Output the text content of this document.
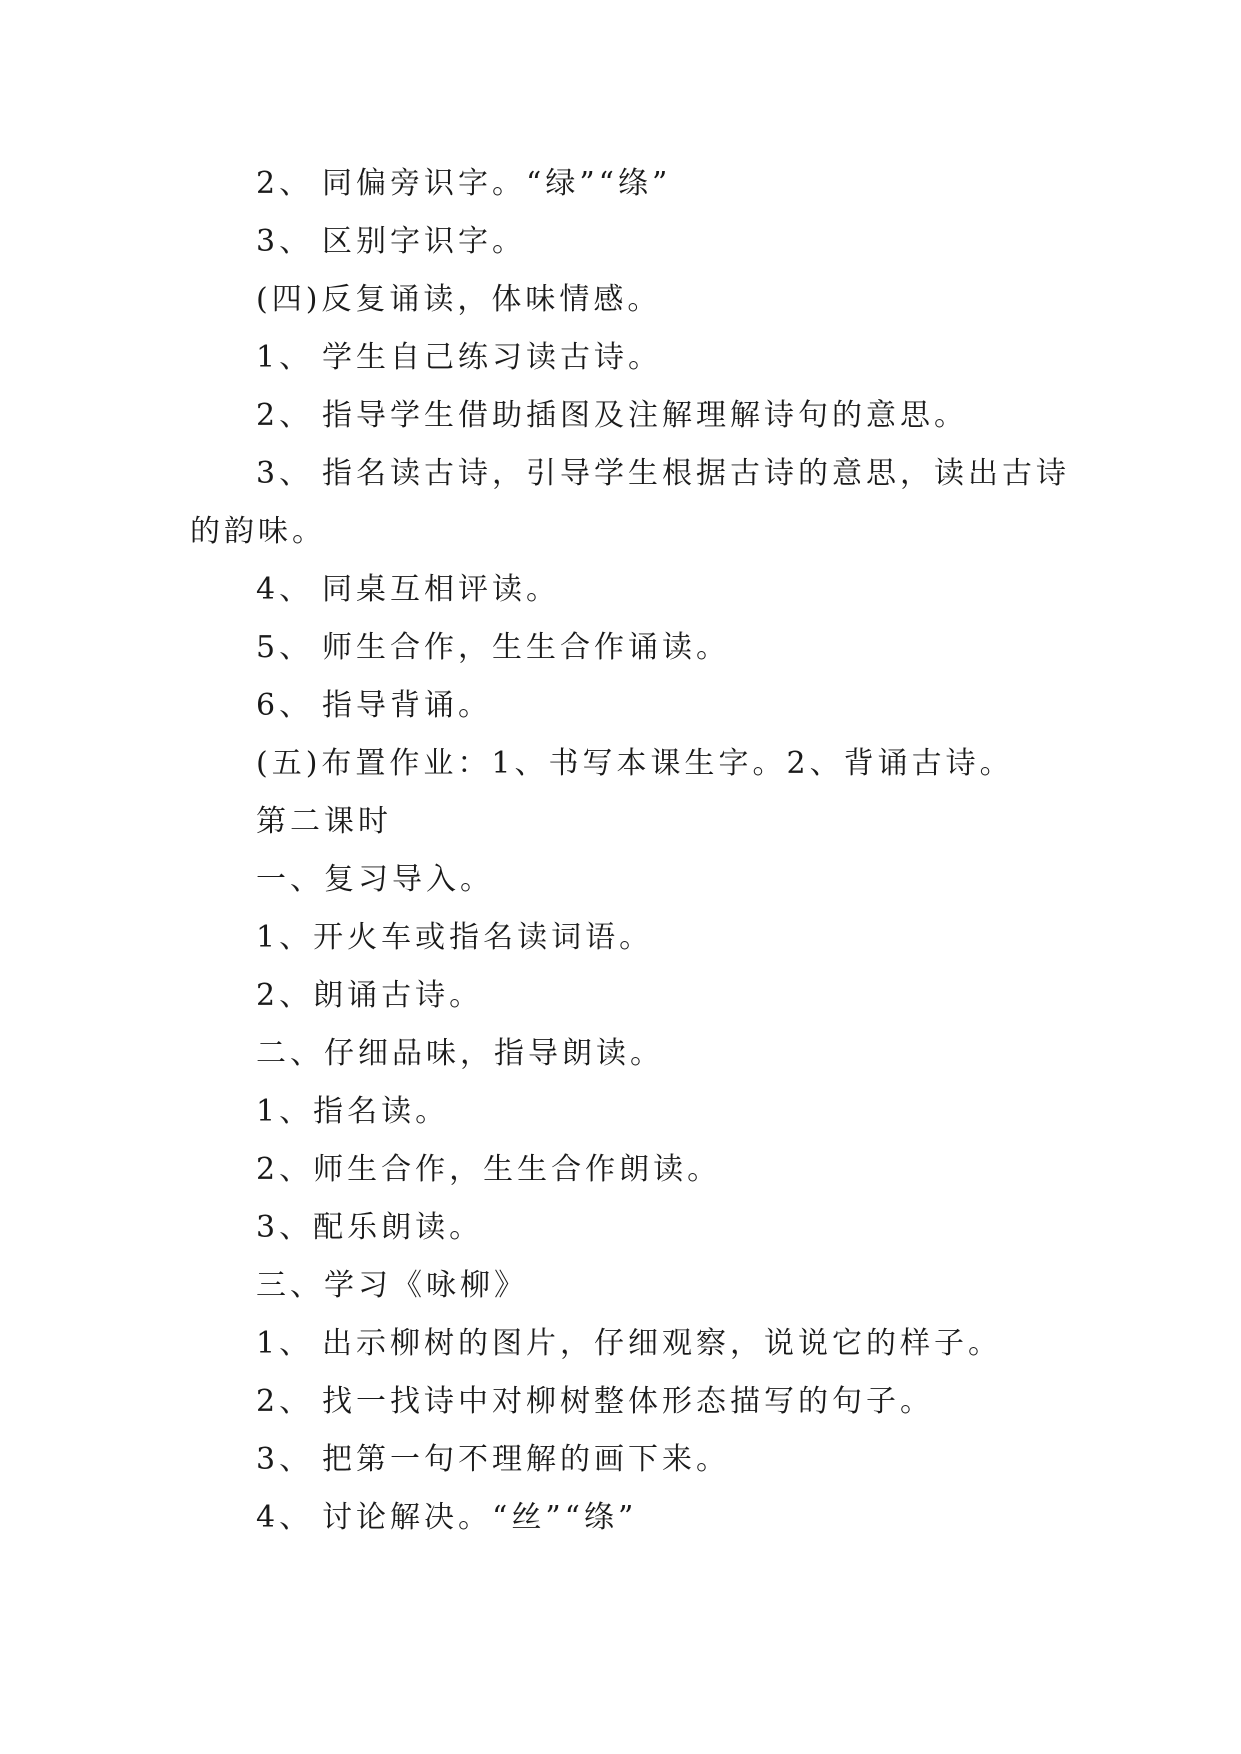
2、 同偏旁识字。“绿”“绦”
3、 区别字识字。
(四)反复诵读，体味情感。
1、 学生自己练习读古诗。
2、 指导学生借助插图及注解理解诗句的意思。
3、 指名读古诗，引导学生根据古诗的意思，读出古诗
的韵味。
4、 同桌互相评读。
5、 师生合作，生生合作诵读。
6、 指导背诵。
(五)布置作业：1、书写本课生字。2、背诵古诗。
第二课时
一、复习导入。
1、开火车或指名读词语。
2、朗诵古诗。
二、仔细品味，指导朗读。
1、指名读。
2、师生合作，生生合作朗读。
3、配乐朗读。
三、学习《咏柳》
1、 出示柳树的图片，仔细观察，说说它的样子。
2、 找一找诗中对柳树整体形态描写的句子。
3、 把第一句不理解的画下来。
4、 讨论解决。“丝”“绦”
